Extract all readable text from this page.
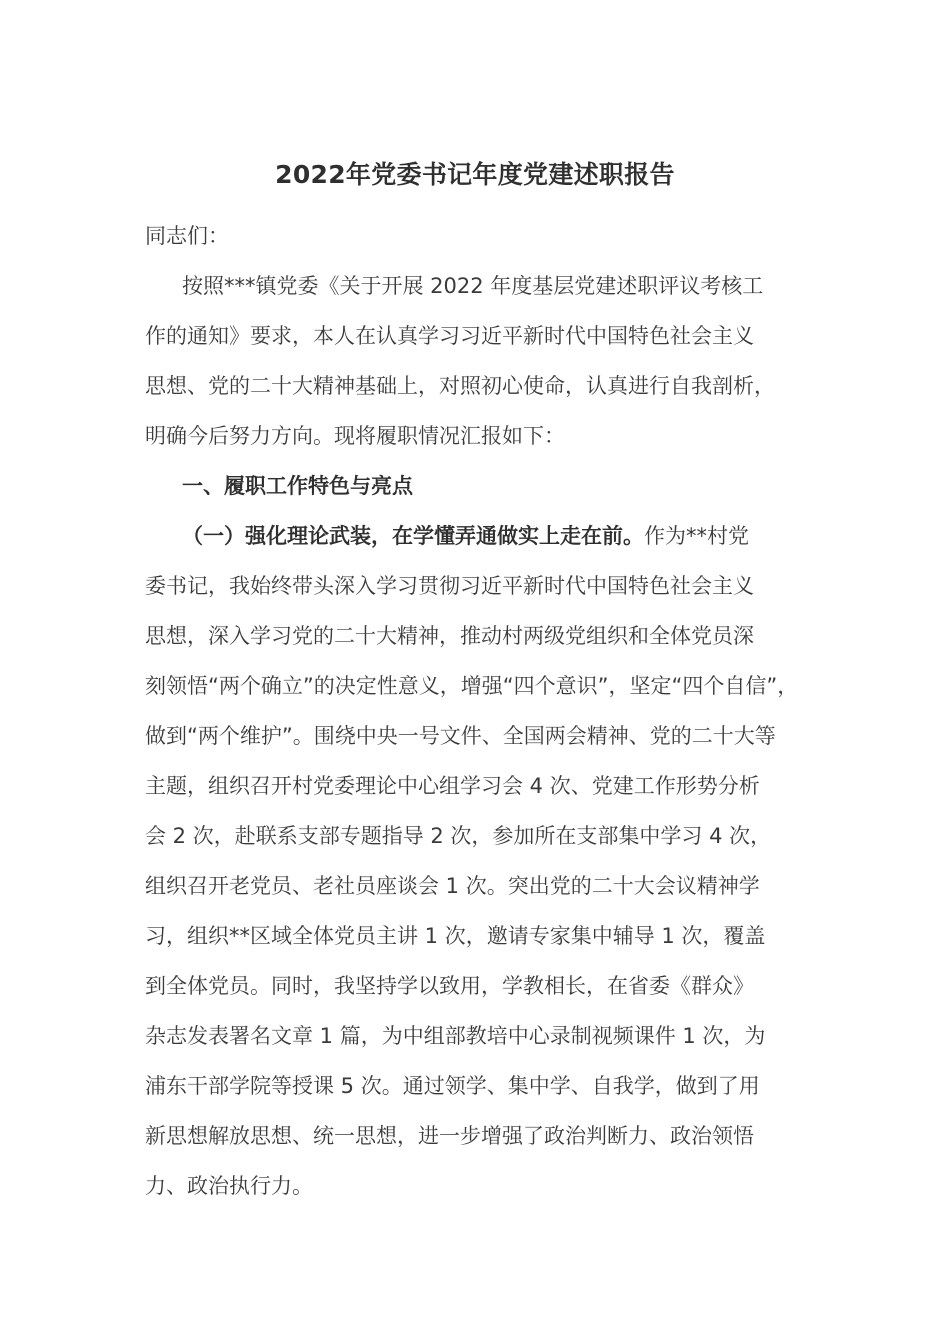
2022年党委书记年度党建述职报告
同志们：
按照***镇党委《关于开展 2022 年度基层党建述职评议考核工
作的通知》要求，本人在认真学习习近平新时代中国特色社会主义
思想、党的二十大精神基础上，对照初心使命，认真进行自我剖析，
明确今后努力方向。现将履职情况汇报如下：
一、履职工作特色与亮点
（一）强化理论武装，在学懂弄通做实上走在前。作为**村党
委书记，我始终带头深入学习贯彻习近平新时代中国特色社会主义
思想，深入学习党的二十大精神，推动村两级党组织和全体党员深
刻领悟“两个确立”的决定性意义，增强“四个意识”，坚定“四个自信”，
做到“两个维护”。围绕中央一号文件、全国两会精神、党的二十大等
主题，组织召开村党委理论中心组学习会 4 次、党建工作形势分析
会 2 次，赴联系支部专题指导 2 次，参加所在支部集中学习 4 次，
组织召开老党员、老社员座谈会 1 次。突出党的二十大会议精神学
习，组织**区域全体党员主讲 1 次，邀请专家集中辅导 1 次，覆盖
到全体党员。同时，我坚持学以致用，学教相长，在省委《群众》
杂志发表署名文章 1 篇，为中组部教培中心录制视频课件 1 次，为
浦东干部学院等授课 5 次。通过领学、集中学、自我学，做到了用
新思想解放思想、统一思想，进一步增强了政治判断力、政治领悟
力、政治执行力。
